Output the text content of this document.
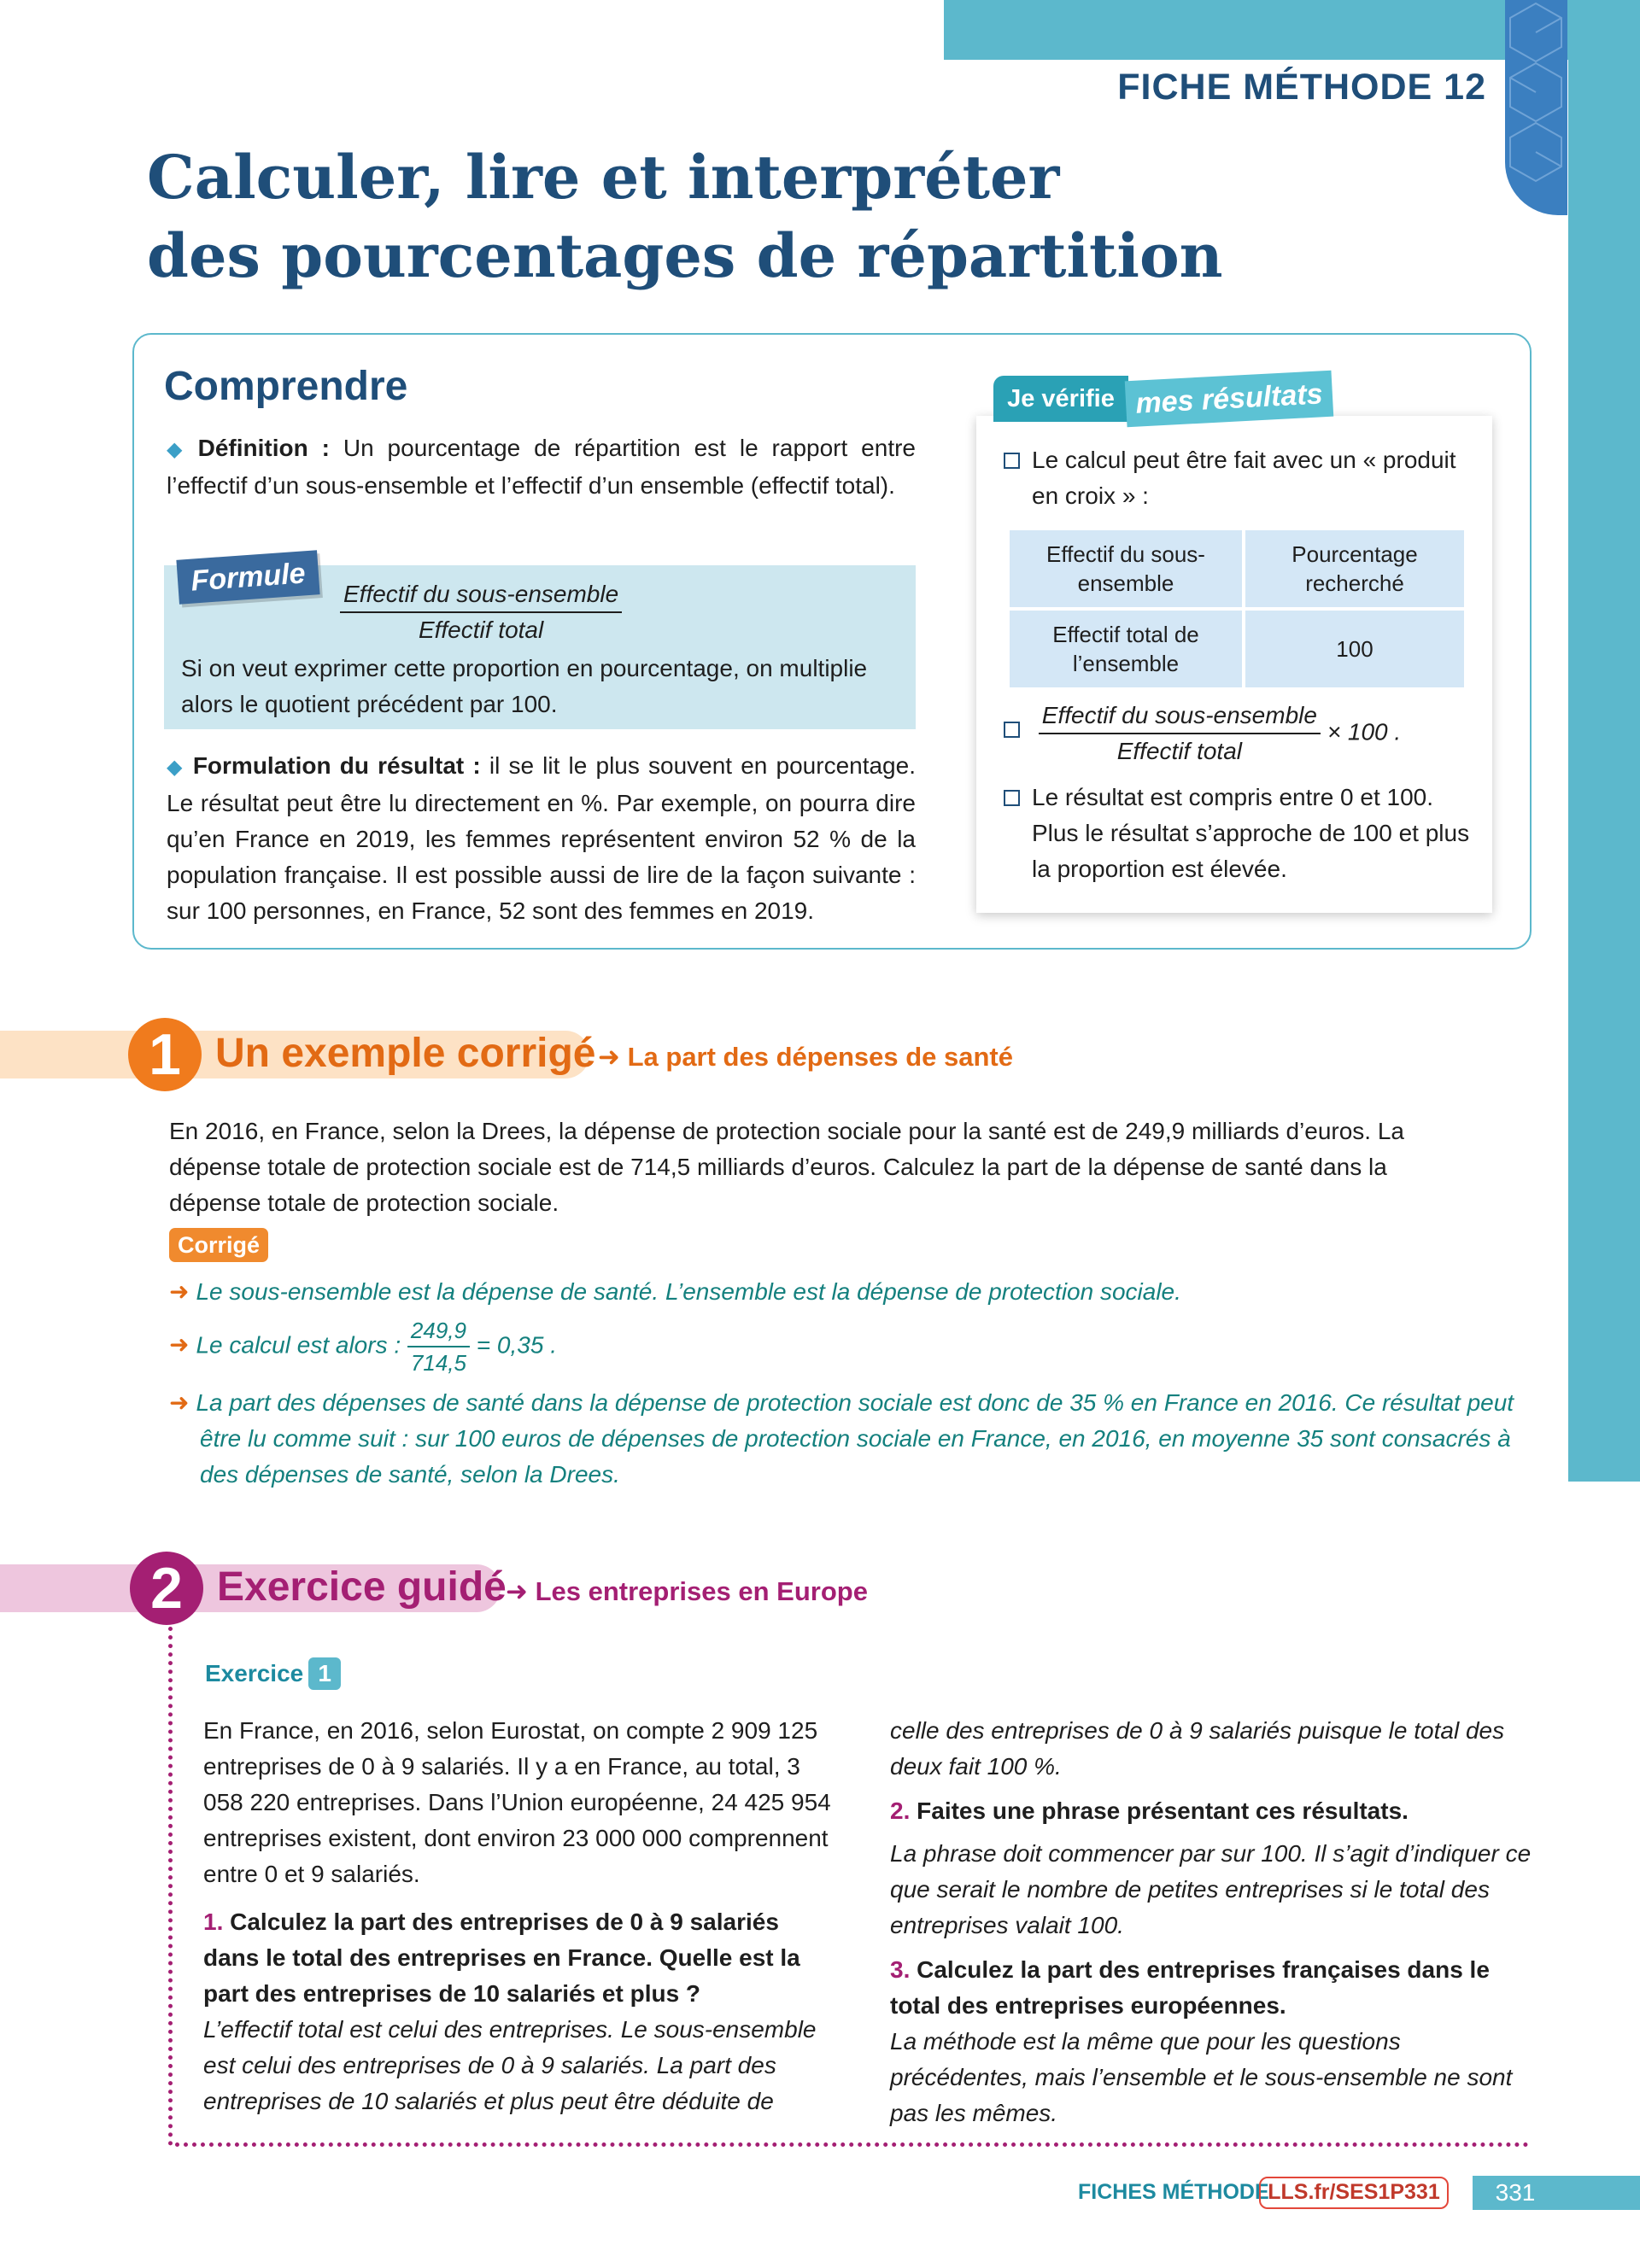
FICHE MÉTHODE 12
Calculer, lire et interpréter
des pourcentages de répartition
Comprendre
◆ Définition : Un pourcentage de répartition est le rapport entre l’effectif d’un sous-ensemble et l’effectif d’un ensemble (effectif total).
Formule	$\frac{\text{Effectif du sous-ensemble}}{\text{Effectif total}}$
Si on veut exprimer cette proportion en pourcentage, on multiplie alors le quotient précédent par 100.
◆ Formulation du résultat : il se lit le plus souvent en pourcentage. Le résultat peut être lu directement en %. Par exemple, on pourra dire qu’en France en 2019, les femmes représentent environ 52 % de la population française. Il est possible aussi de lire de la façon suivante : sur 100 personnes, en France, 52 sont des femmes en 2019.
Je vérifie mes résultats
Le calcul peut être fait avec un « produit en croix » :
Effectif du sous-ensemble	Pourcentage recherché
Effectif total de l’ensemble	100

$\frac{\text{Effectif du sous-ensemble}}{\text{Effectif total}} \times 100$ .
Le résultat est compris entre 0 et 100. Plus le résultat s’approche de 100 et plus la proportion est élevée.
1 Un exemple corrigé ➜ La part des dépenses de santé
En 2016, en France, selon la Drees, la dépense de protection sociale pour la santé est de 249,9 milliards d’euros. La dépense totale de protection sociale est de 714,5 milliards d’euros. Calculez la part de la dépense de santé dans la dépense totale de protection sociale.
Corrigé
➜ Le sous-ensemble est la dépense de santé. L’ensemble est la dépense de protection sociale.
➜ Le calcul est alors : $\frac{249,9}{714,5} = 0,35$ .
➜ La part des dépenses de santé dans la dépense de protection sociale est donc de 35 % en France en 2016. Ce résultat peut
être lu comme suit : sur 100 euros de dépenses de protection sociale en France, en 2016, en moyenne 35 sont consacrés à
des dépenses de santé, selon la Drees.
2 Exercice guidé ➜ Les entreprises en Europe
Exercice 1
En France, en 2016, selon Eurostat, on compte 2 909 125 entreprises de 0 à 9 salariés. Il y a en France, au total, 3 058 220 entreprises. Dans l’Union européenne, 24 425 954 entreprises existent, dont environ 23 000 000 comprennent entre 0 et 9 salariés.
1. Calculez la part des entreprises de 0 à 9 salariés dans le total des entreprises en France. Quelle est la part des entreprises de 10 salariés et plus ?
L’effectif total est celui des entreprises. Le sous-ensemble est celui des entreprises de 0 à 9 salariés. La part des entreprises de 10 salariés et plus peut être déduite de
celle des entreprises de 0 à 9 salariés puisque le total des deux fait 100 %.
2. Faites une phrase présentant ces résultats.
La phrase doit commencer par sur 100. Il s’agit d’indiquer ce que serait le nombre de petites entreprises si le total des entreprises valait 100.
3. Calculez la part des entreprises françaises dans le total des entreprises européennes.
La méthode est la même que pour les questions précédentes, mais l’ensemble et le sous-ensemble ne sont pas les mêmes.
FICHES MÉTHODE
LLS.fr/SES1P331	331
